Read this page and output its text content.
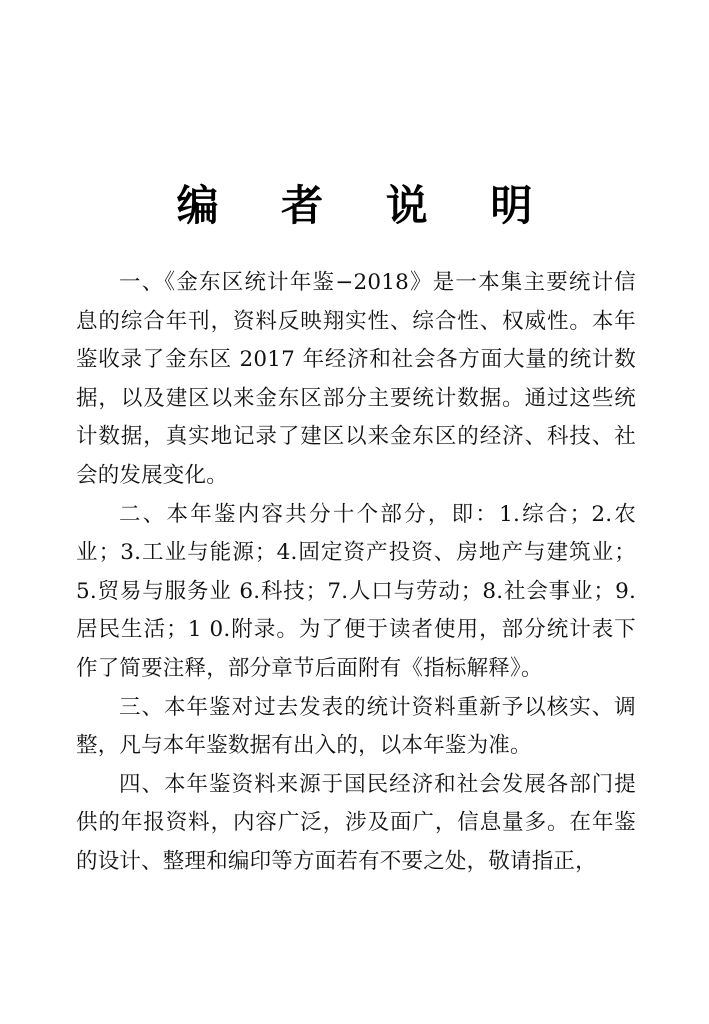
编 者 说 明

一、《金东区统计年鉴−2018》是一本集主要统计信息的综合年刊，资料反映翔实性、综合性、权威性。本年鉴收录了金东区 2017 年经济和社会各方面大量的统计数据，以及建区以来金东区部分主要统计数据。通过这些统计数据，真实地记录了建区以来金东区的经济、科技、社会的发展变化。

二、本年鉴内容共分十个部分，即：1.综合；2.农业；3.工业与能源；4.固定资产投资、房地产与建筑业；5.贸易与服务业 6.科技；7.人口与劳动；8.社会事业；9.居民生活；1 0.附录。为了便于读者使用，部分统计表下作了简要注释，部分章节后面附有《指标解释》。

三、本年鉴对过去发表的统计资料重新予以核实、调整，凡与本年鉴数据有出入的，以本年鉴为准。

四、本年鉴资料来源于国民经济和社会发展各部门提供的年报资料，内容广泛，涉及面广，信息量多。在年鉴的设计、整理和编印等方面若有不要之处，敬请指正，
